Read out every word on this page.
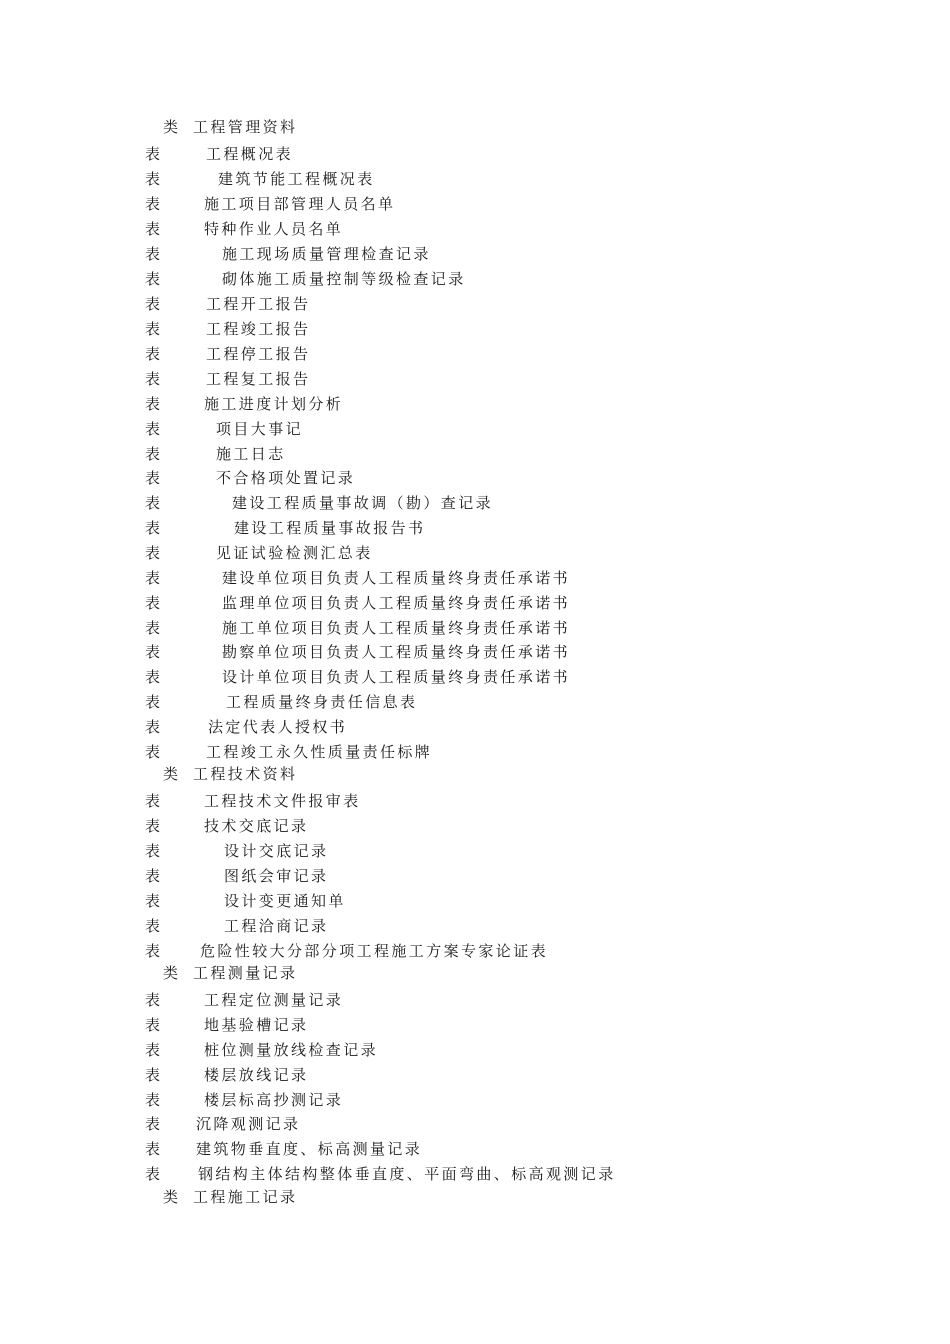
类 工程管理资料
表	工程概况表
表	建筑节能工程概况表
表	施工项目部管理人员名单
表	特种作业人员名单
表	施工现场质量管理检查记录
表	砌体施工质量控制等级检查记录
表	工程开工报告
表	工程竣工报告
表	工程停工报告
表	工程复工报告
表	施工进度计划分析
表	项目大事记
表	施工日志
表	不合格项处置记录
表	建设工程质量事故调（勘）查记录
表	建设工程质量事故报告书
表	见证试验检测汇总表
表	建设单位项目负责人工程质量终身责任承诺书
表	监理单位项目负责人工程质量终身责任承诺书
表	施工单位项目负责人工程质量终身责任承诺书
表	勘察单位项目负责人工程质量终身责任承诺书
表	设计单位项目负责人工程质量终身责任承诺书
表	工程质量终身责任信息表
表	法定代表人授权书
表	工程竣工永久性质量责任标牌
类 工程技术资料
表	工程技术文件报审表
表	技术交底记录
表	设计交底记录
表	图纸会审记录
表	设计变更通知单
表	工程洽商记录
表	危险性较大分部分项工程施工方案专家论证表
类 工程测量记录
表	工程定位测量记录
表	地基验槽记录
表	桩位测量放线检查记录
表	楼层放线记录
表	楼层标高抄测记录
表 沉降观测记录
表 建筑物垂直度、标高测量记录
表 钢结构主体结构整体垂直度、平面弯曲、标高观测记录
类 工程施工记录
